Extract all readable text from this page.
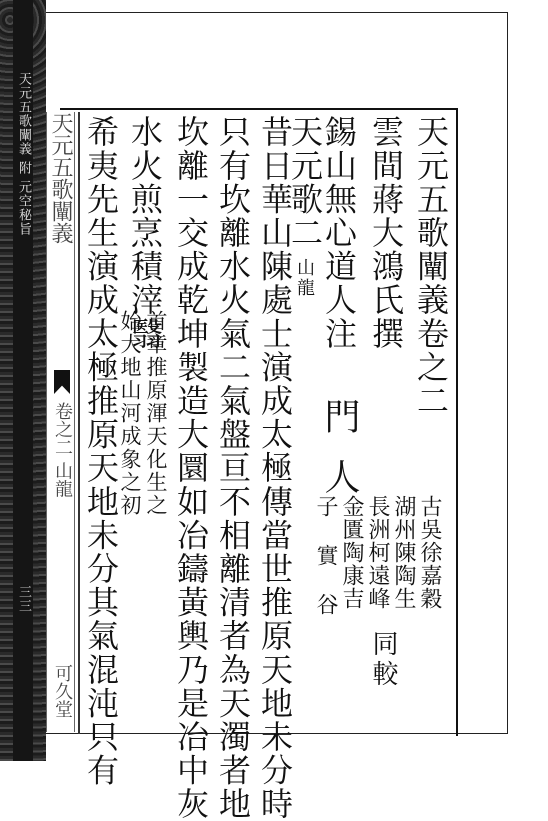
天元五歌闡義 附 元空秘旨
三三
天元五歌闡義
卷之二 山龍
可久堂
天元五歌闡義卷之二
雲間蔣大鴻氏撰
錫山無心道人注
門人
天元歌二
山龍
古吳徐嘉穀
湖州陳陶生
長洲柯遠峰
金匱陶康吉
子 實 谷
同較
昔日華山陳處士演成太極傳當世推原天地未分時
只有坎離水火氣二氣盤亘不相離清者為天濁者地
坎離一交成乾坤製造大圜如冶鑄黃輿乃是冶中灰
水火煎烹積滓翳
首章推原渾天化生之
始大地山河成象之初
希夷先生演成太極推原天地未分其氣混沌只有
